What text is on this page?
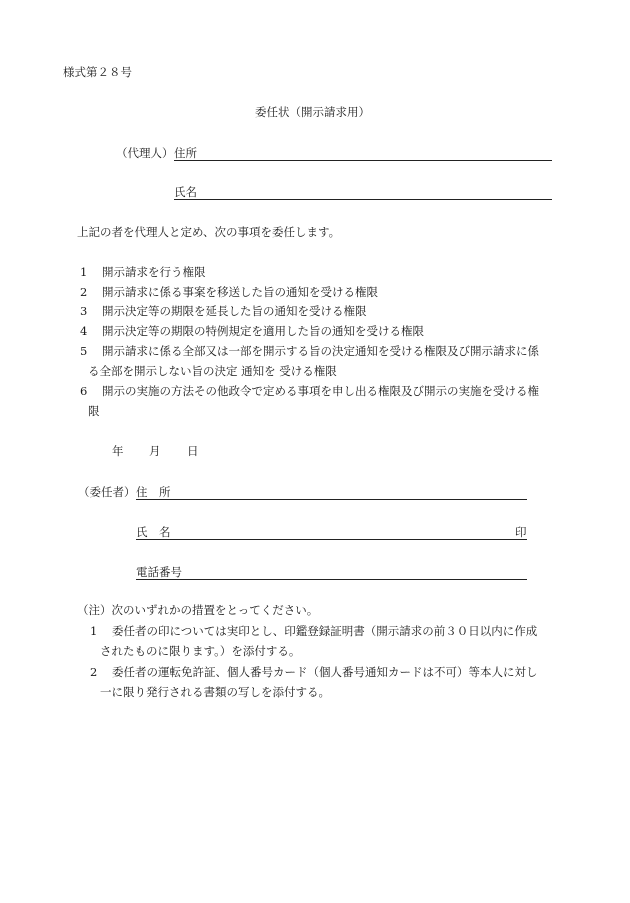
様式第２８号
委任状（開示請求用）
（代理人） 住所
氏名
上記の者を代理人と定め、次の事項を委任します。
1 開示請求を行う権限
2 開示請求に係る事案を移送した旨の通知を受ける権限
3 開示決定等の期限を延長した旨の通知を受ける権限
4 開示決定等の期限の特例規定を適用した旨の通知を受ける権限
5 開示請求に係る全部又は一部を開示する旨の決定通知を受ける権限及び開示請求に係
る全部を開示しない旨の決定 通知を 受ける権限
6 開示の実施の方法その他政令で定める事項を申し出る権限及び開示の実施を受ける権
限
年 月 日
（委任者） 住　所
氏　名	印
電話番号
（注）次のいずれかの措置をとってください。
1 委任者の印については実印とし、印鑑登録証明書（開示請求の前３０日以内に作成
されたものに限ります。）を添付する。
2 委任者の運転免許証、個人番号カード（個人番号通知カードは不可）等本人に対し
一に限り発行される書類の写しを添付する。
